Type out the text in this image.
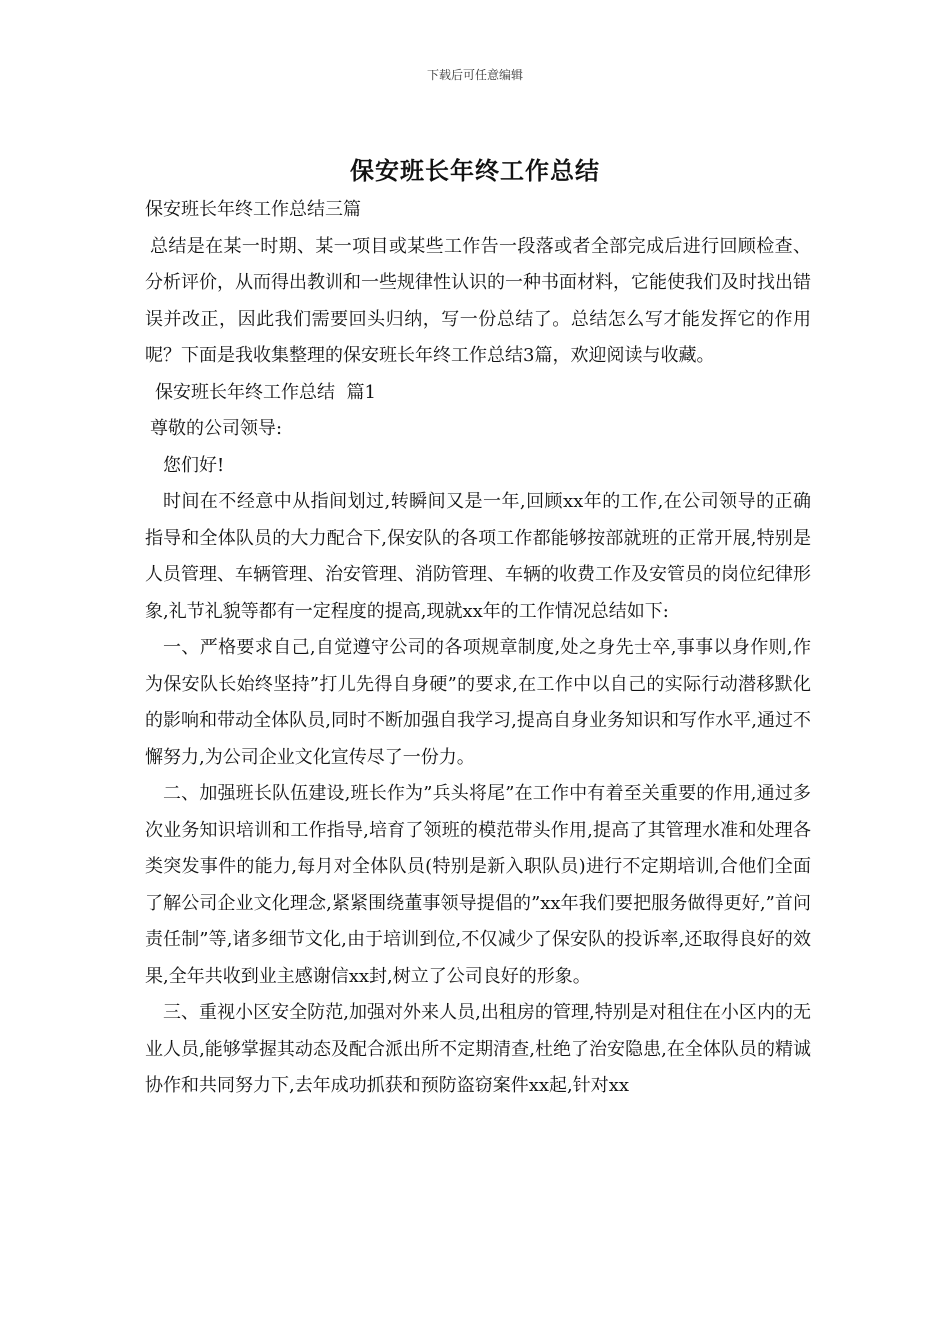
下载后可任意编辑
保安班长年终工作总结

保安班长年终工作总结三篇

总结是在某一时期、某一项目或某些工作告一段落或者全部完成后进行回顾检查、分析评价，从而得出教训和一些规律性认识的一种书面材料，它能使我们及时找出错误并改正，因此我们需要回头归纳，写一份总结了。总结怎么写才能发挥它的作用呢？下面是我收集整理的保安班长年终工作总结3篇，欢迎阅读与收藏。

保安班长年终工作总结  篇1

尊敬的公司领导:

您们好!

时间在不经意中从指间划过,转瞬间又是一年,回顾xx年的工作,在公司领导的正确指导和全体队员的大力配合下,保安队的各项工作都能够按部就班的正常开展,特别是人员管理、车辆管理、治安管理、消防管理、车辆的收费工作及安管员的岗位纪律形象,礼节礼貌等都有一定程度的提高,现就xx年的工作情况总结如下:

一、严格要求自己,自觉遵守公司的各项规章制度,处之身先士卒,事事以身作则,作为保安队长始终坚持”打儿先得自身硬”的要求,在工作中以自己的实际行动潜移默化的影响和带动全体队员,同时不断加强自我学习,提高自身业务知识和写作水平,通过不懈努力,为公司企业文化宣传尽了一份力。

二、加强班长队伍建设,班长作为”兵头将尾”在工作中有着至关重要的作用,通过多次业务知识培训和工作指导,培育了领班的模范带头作用,提高了其管理水准和处理各类突发事件的能力,每月对全体队员(特别是新入职队员)进行不定期培训,合他们全面了解公司企业文化理念,紧紧围绕董事领导提倡的”xx年我们要把服务做得更好,”首问责任制”等,诸多细节文化,由于培训到位,不仅减少了保安队的投诉率,还取得良好的效果,全年共收到业主感谢信xx封,树立了公司良好的形象。

三、重视小区安全防范,加强对外来人员,出租房的管理,特别是对租住在小区内的无业人员,能够掌握其动态及配合派出所不定期清查,杜绝了治安隐患,在全体队员的精诚协作和共同努力下,去年成功抓获和预防盗窃案件xx起,针对xx
